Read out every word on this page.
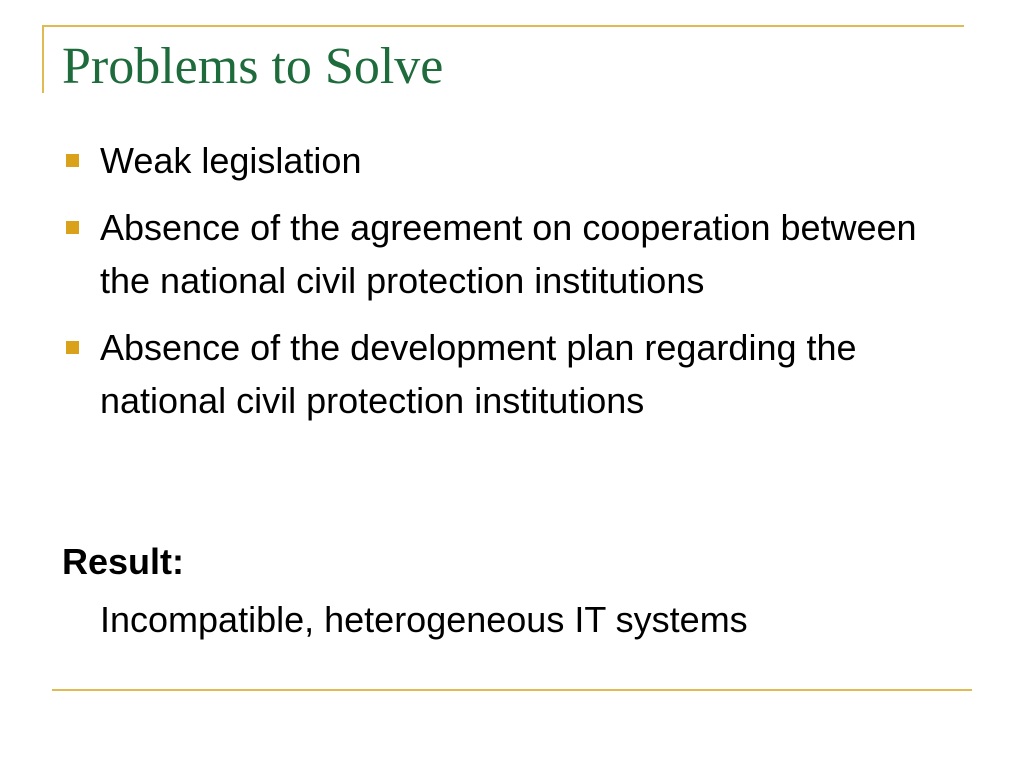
Problems to Solve
Weak legislation
Absence of the agreement on cooperation between the national civil protection institutions
Absence of the development plan regarding the national civil protection institutions

Result:

Incompatible, heterogeneous IT systems
